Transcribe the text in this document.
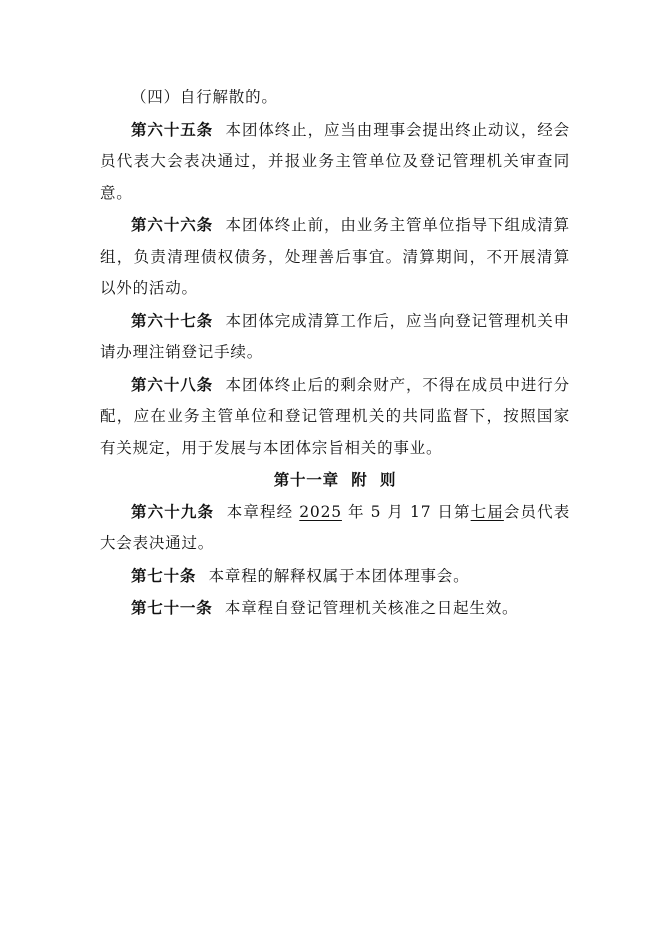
（四）自行解散的。

第六十五条 本团体终止，应当由理事会提出终止动议，经会员代表大会表决通过，并报业务主管单位及登记管理机关审查同意。

第六十六条 本团体终止前，由业务主管单位指导下组成清算组，负责清理债权债务，处理善后事宜。清算期间，不开展清算以外的活动。

第六十七条 本团体完成清算工作后，应当向登记管理机关申请办理注销登记手续。

第六十八条 本团体终止后的剩余财产，不得在成员中进行分配，应在业务主管单位和登记管理机关的共同监督下，按照国家有关规定，用于发展与本团体宗旨相关的事业。

第十一章  附  则

第六十九条 本章程经 2025 年 5 月 17 日第七届会员代表大会表决通过。

第七十条 本章程的解释权属于本团体理事会。

第七十一条 本章程自登记管理机关核准之日起生效。
